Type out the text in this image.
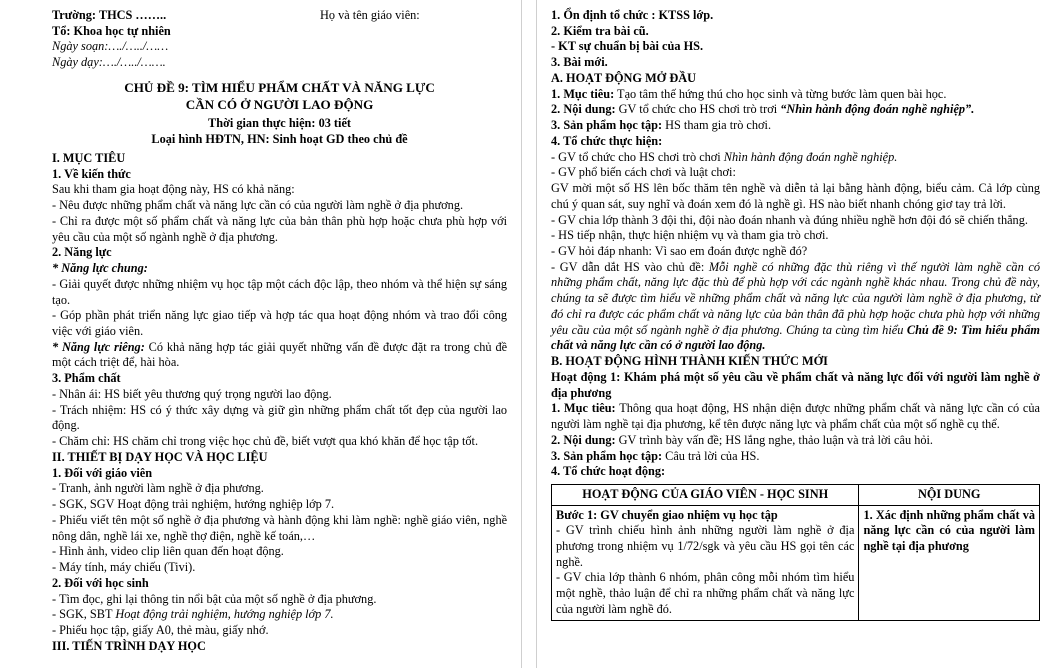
Trường: THCS ……..

Tổ: Khoa học tự nhiên

Ngày soạn:…./…../……

Ngày dạy:…./…../…….

Họ và tên giáo viên:

CHỦ ĐỀ 9: TÌM HIỂU PHẨM CHẤT VÀ NĂNG LỰC

CẦN CÓ Ở NGƯỜI LAO ĐỘNG

Thời gian thực hiện: 03 tiết

Loại hình HĐTN, HN: Sinh hoạt GD theo chủ đề

I. MỤC TIÊU

1. Về kiến thức

Sau khi tham gia hoạt động này, HS có khả năng:

- Nêu được những phẩm chất và năng lực cần có của người làm nghề ở địa phương.

- Chỉ ra được một số phẩm chất và năng lực của bản thân phù hợp hoặc chưa phù hợp với yêu cầu của một số ngành nghề ở địa phương.

2. Năng lực

* Năng lực chung:

- Giải quyết được những nhiệm vụ học tập một cách độc lập, theo nhóm và thể hiện sự sáng tạo.

- Góp phần phát triển năng lực giao tiếp và hợp tác qua hoạt động nhóm và trao đổi công việc với giáo viên.

* Năng lực riêng: Có khả năng hợp tác giải quyết những vấn đề được đặt ra trong chủ đề một cách triệt để, hài hòa.

3. Phẩm chất

- Nhân ái: HS biết yêu thương quý trọng người lao động.

- Trách nhiệm: HS có ý thức xây dựng và giữ gìn những phẩm chất tốt đẹp của người lao động.

- Chăm chỉ: HS chăm chỉ trong việc học chủ đề, biết vượt qua khó khăn để học tập tốt.

II. THIẾT BỊ DẠY HỌC VÀ HỌC LIỆU

1. Đối với giáo viên

- Tranh, ảnh người làm nghề ở địa phương.

- SGK, SGV Hoạt động trải nghiệm, hướng nghiệp lớp 7.

- Phiếu viết tên một số nghề ở địa phương và hành động khi làm nghề: nghề giáo viên, nghề nông dân, nghề lái xe, nghề thợ điện, nghề kế toán,…

- Hình ảnh, video clip liên quan đến hoạt động.

- Máy tính, máy chiếu (Tivi).

2. Đối với học sinh

- Tìm đọc, ghi lại thông tin nổi bật của một số nghề ở địa phương.

- SGK, SBT Hoạt động trải nghiệm, hướng nghiệp lớp 7.

- Phiếu học tập, giấy A0, thẻ màu, giấy nhớ.

III. TIẾN TRÌNH DẠY HỌC

1. Ổn định tổ chức : KTSS lớp.

2. Kiểm tra bài cũ.

- KT sự chuẩn bị bài của HS.

3. Bài mới.

A. HOẠT ĐỘNG MỞ ĐẦU

1. Mục tiêu: Tạo tâm thế hứng thú cho học sinh và từng bước làm quen bài học.

2. Nội dung: GV tổ chức cho HS chơi trò trơi “Nhìn hành động đoán nghề nghiệp”.

3. Sản phẩm học tập: HS tham gia trò chơi.

4. Tổ chức thực hiện:

- GV tổ chức cho HS chơi trò chơi Nhìn hành động đoán nghề nghiệp.

- GV phổ biến cách chơi và luật chơi:

GV mời một số HS lên bốc thăm tên nghề và diễn tả lại bằng hành động, biểu cảm. Cả lớp cùng chú ý quan sát, suy nghĩ và đoán xem đó là nghề gì. HS nào biết nhanh chóng giơ tay trả lời.

- GV chia lớp thành 3 đội thi, đội nào đoán nhanh và đúng nhiều nghề hơn đội đó sẽ chiến thắng.

- HS tiếp nhận, thực hiện nhiệm vụ và tham gia trò chơi.

- GV hỏi đáp nhanh: Vì sao em đoán được nghề đó?

- GV dẫn dắt HS vào chủ đề: Mỗi nghề có những đặc thù riêng vì thế người làm nghề cần có những phẩm chất, năng lực đặc thù để phù hợp với các ngành nghề khác nhau. Trong chủ đề này, chúng ta sẽ được tìm hiểu về những phẩm chất và năng lực của người làm nghề ở địa phương, từ đó chỉ ra được các phẩm chất và năng lực của bản thân đã phù hợp hoặc chưa phù hợp với những yêu cầu của một số ngành nghề ở địa phương. Chúng ta cùng tìm hiểu Chủ đề 9: Tìm hiểu phẩm chất và năng lực cần có ở người lao động.

B. HOẠT ĐỘNG HÌNH THÀNH KIẾN THỨC MỚI

Hoạt động 1: Khám phá một số yêu cầu về phẩm chất và năng lực đối với người làm nghề ở địa phương

1. Mục tiêu: Thông qua hoạt động, HS nhận diện được những phẩm chất và năng lực cần có của người làm nghề tại địa phương, kể tên được năng lực và phẩm chất của một số nghề cụ thể.

2. Nội dung: GV trình bày vấn đề; HS lắng nghe, thảo luận và trả lời câu hỏi.

3. Sản phẩm học tập: Câu trả lời của HS.

4. Tổ chức hoạt động:

HOẠT ĐỘNG CỦA GIÁO VIÊN - HỌC SINH	NỘI DUNG

Bước 1: GV chuyển giao nhiệm vụ học tập

- GV trình chiếu hình ảnh những người làm nghề ở địa phương trong nhiệm vụ 1/72/sgk và yêu cầu HS gọi tên các nghề.

- GV chia lớp thành 6 nhóm, phân công mỗi nhóm tìm hiểu một nghề, thảo luận để chỉ ra những phẩm chất và năng lực của người làm nghề đó.	1. Xác định những phẩm chất và năng lực cần có của người làm nghề tại địa phương
